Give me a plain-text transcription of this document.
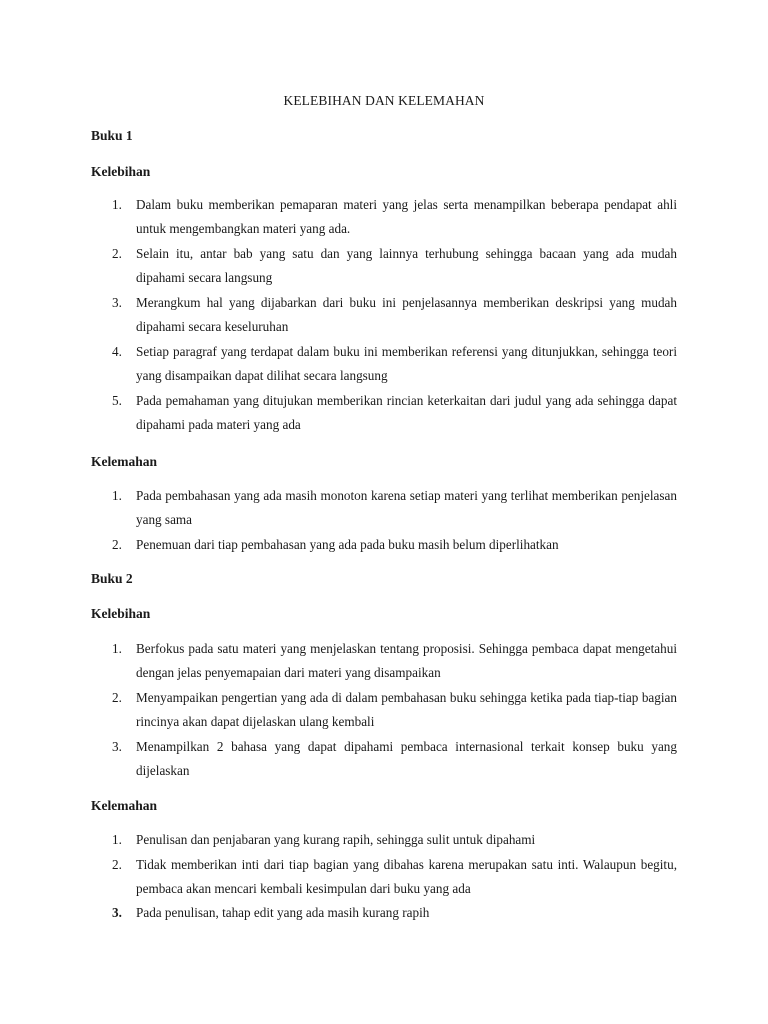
KELEBIHAN DAN KELEMAHAN
Buku 1
Kelebihan
1. Dalam buku memberikan pemaparan materi yang jelas serta menampilkan beberapa pendapat ahli untuk mengembangkan materi yang ada.
2. Selain itu, antar bab yang satu dan yang lainnya terhubung sehingga bacaan yang ada mudah dipahami secara langsung
3. Merangkum hal yang dijabarkan dari buku ini penjelasannya memberikan deskripsi yang mudah dipahami secara keseluruhan
4. Setiap paragraf yang terdapat dalam buku ini memberikan referensi yang ditunjukkan, sehingga teori yang disampaikan dapat dilihat secara langsung
5. Pada pemahaman yang ditujukan memberikan rincian keterkaitan dari judul yang ada sehingga dapat dipahami pada materi yang ada
Kelemahan
1. Pada pembahasan yang ada masih monoton karena setiap materi yang terlihat memberikan penjelasan yang sama
2. Penemuan dari tiap pembahasan yang ada pada buku masih belum diperlihatkan
Buku 2
Kelebihan
1. Berfokus pada satu materi yang menjelaskan tentang proposisi. Sehingga pembaca dapat mengetahui dengan jelas penyemapaian dari materi yang disampaikan
2. Menyampaikan pengertian yang ada di dalam pembahasan buku sehingga ketika pada tiap-tiap bagian rincinya akan dapat dijelaskan ulang kembali
3. Menampilkan 2 bahasa yang dapat dipahami pembaca internasional terkait konsep buku yang dijelaskan
Kelemahan
1. Penulisan dan penjabaran yang kurang rapih, sehingga sulit untuk dipahami
2. Tidak memberikan inti dari tiap bagian yang dibahas karena merupakan satu inti. Walaupun begitu, pembaca akan mencari kembali kesimpulan dari buku yang ada
3. Pada penulisan, tahap edit yang ada masih kurang rapih
